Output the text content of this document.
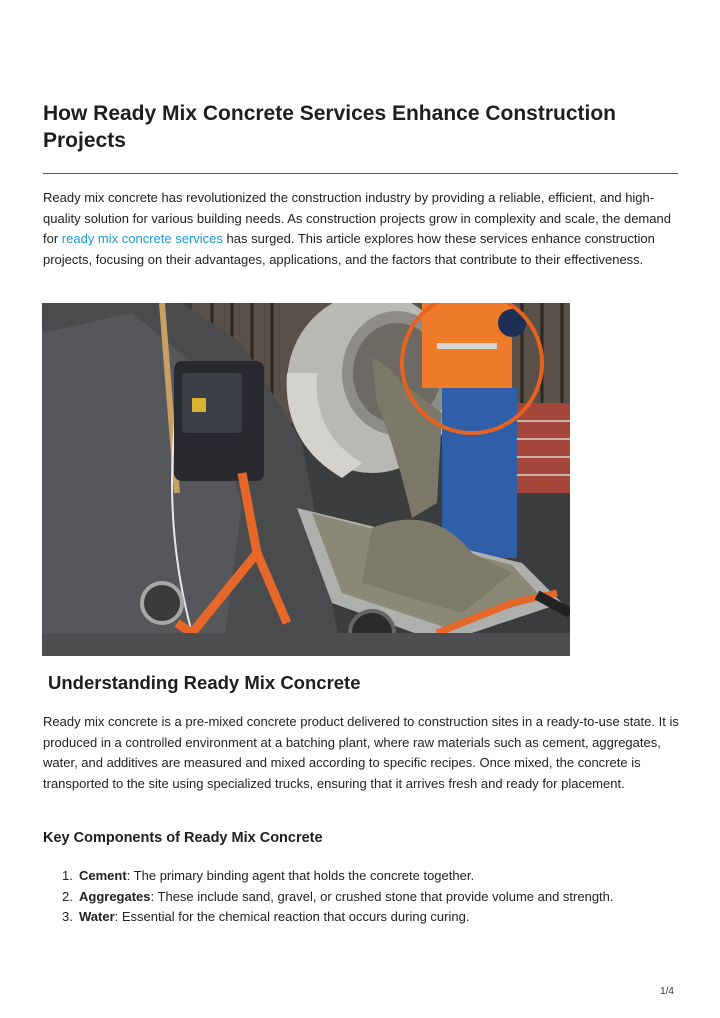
How Ready Mix Concrete Services Enhance Construction Projects

Ready mix concrete has revolutionized the construction industry by providing a reliable, efficient, and high-quality solution for various building needs. As construction projects grow in complexity and scale, the demand for ready mix concrete services has surged. This article explores how these services enhance construction projects, focusing on their advantages, applications, and the factors that contribute to their effectiveness.

Understanding Ready Mix Concrete

Ready mix concrete is a pre-mixed concrete product delivered to construction sites in a ready-to-use state. It is produced in a controlled environment at a batching plant, where raw materials such as cement, aggregates, water, and additives are measured and mixed according to specific recipes. Once mixed, the concrete is transported to the site using specialized trucks, ensuring that it arrives fresh and ready for placement.

Key Components of Ready Mix Concrete
1. Cement: The primary binding agent that holds the concrete together.
2. Aggregates: These include sand, gravel, or crushed stone that provide volume and strength.
3. Water: Essential for the chemical reaction that occurs during curing.
1/4
